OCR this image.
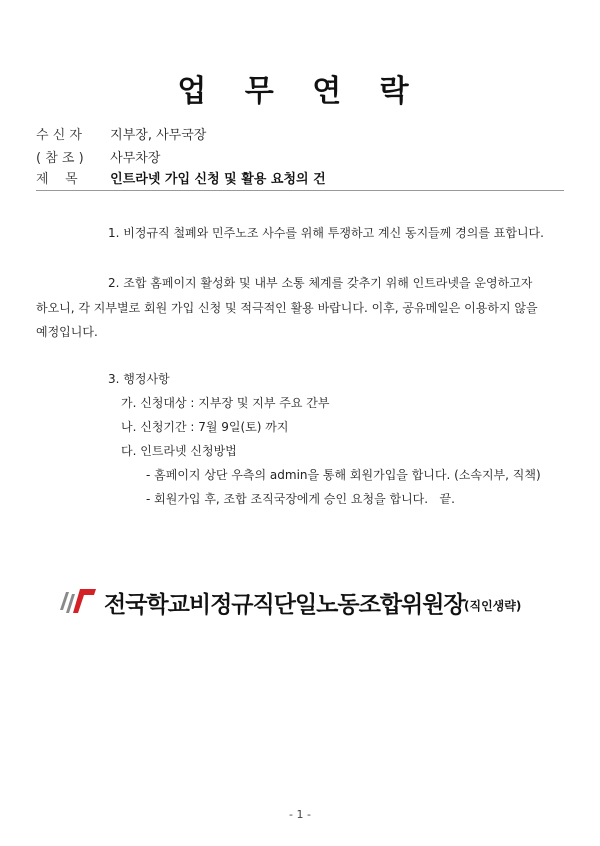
업 무 연 락
수 신 자 지부장, 사무국장
( 참 조 ) 사무차장
제    목 인트라넷 가입 신청 및 활용 요청의 건
1. 비정규직 철폐와 민주노조 사수를 위해 투쟁하고 계신 동지들께 경의를 표합니다.
2. 조합 홈페이지 활성화 및 내부 소통 체계를 갖추기 위해 인트라넷을 운영하고자
하오니, 각 지부별로 회원 가입 신청 및 적극적인 활용 바랍니다. 이후, 공유메일은 이용하지 않을
예정입니다.
3. 행정사항
가. 신청대상 : 지부장 및 지부 주요 간부
나. 신청기간 : 7월 9일(토) 까지
다. 인트라넷 신청방법
- 홈페이지 상단 우측의 admin을 통해 회원가입을 합니다. (소속지부, 직책)
- 회원가입 후, 조합 조직국장에게 승인 요청을 합니다.   끝.
전국학교비정규직단일노동조합위원장 (직인생략)
- 1 -
